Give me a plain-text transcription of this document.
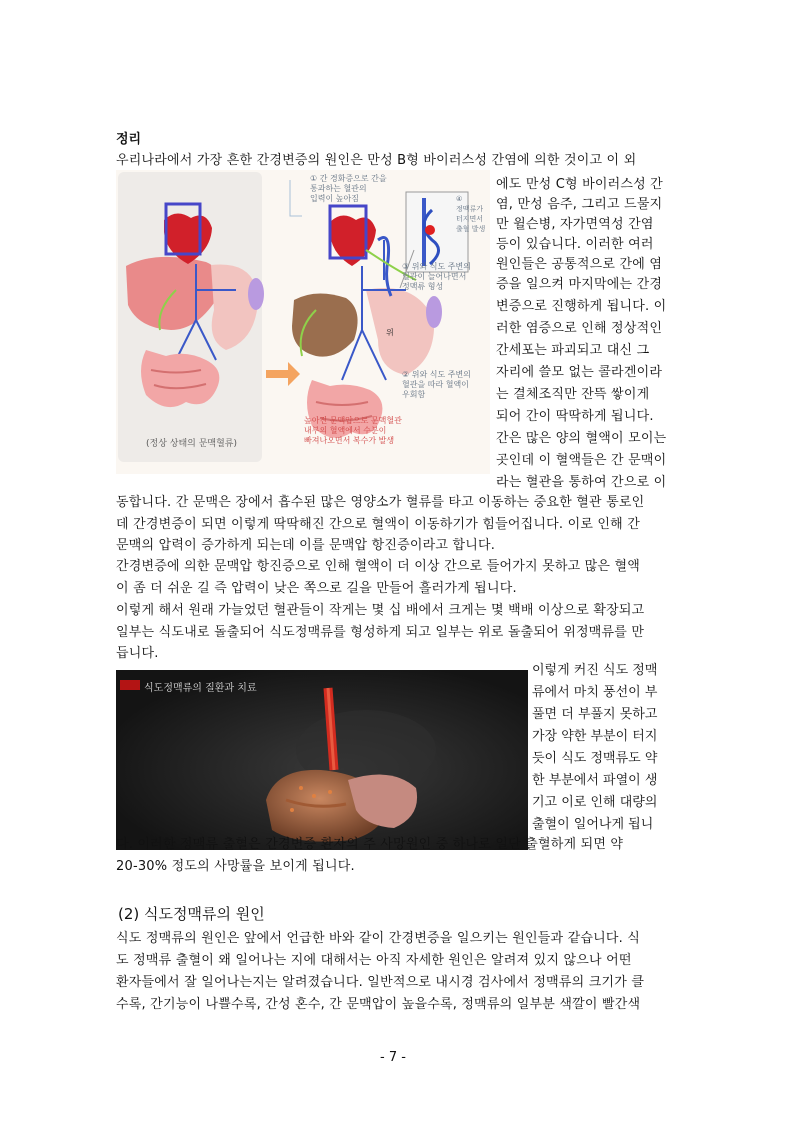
정리
우리나라에서 가장 흔한 간경변증의 원인은 만성 B형 바이러스성 간염에 의한 것이고 이 외
① 간 경화증으로 간을
통과하는 혈관의
입력이 높아짐	④
정맥류가
터지면서
출혈 발생
③ 위와 식도 주변의
혈관이 늘어나면서
정맥류 형성
② 위와 식도 주변의
혈관을 따라 혈액이
우회함
위
높아진 문맥압으로 문맥혈관
내부의 혈액에서 수분이
빠져나오면서 복수가 발생
(정상 상태의 문맥혈류)
에도 만성 C형 바이러스성 간
염, 만성 음주, 그리고 드물지
만 윌슨병, 자가면역성 간염
등이 있습니다. 이러한 여러
원인들은 공통적으로 간에 염
증을 일으켜 마지막에는 간경
변증으로 진행하게 됩니다. 이
러한 염증으로 인해 정상적인
간세포는 파괴되고 대신 그
자리에 쓸모 없는 콜라겐이라
는 결체조직만 잔뜩 쌓이게
되어 간이 딱딱하게 됩니다.
간은 많은 양의 혈액이 모이는
곳인데 이 혈액들은 간 문맥이
라는 혈관을 통하여 간으로 이
동합니다. 간 문맥은 장에서 흡수된 많은 영양소가 혈류를 타고 이동하는 중요한 혈관 통로인
데 간경변증이 되면 이렇게 딱딱해진 간으로 혈액이 이동하기가 힘들어집니다. 이로 인해 간
문맥의 압력이 증가하게 되는데 이를 문맥압 항진증이라고 합니다.
간경변증에 의한 문맥압 항진증으로 인해 혈액이 더 이상 간으로 들어가지 못하고 많은 혈액
이 좀 더 쉬운 길 즉 압력이 낮은 쪽으로 길을 만들어 흘러가게 됩니다.
이렇게 해서 원래 가늘었던 혈관들이 작게는 몇 십 배에서 크게는 몇 백배 이상으로 확장되고
일부는 식도내로 돌출되어 식도정맥류를 형성하게 되고 일부는 위로 돌출되어 위정맥류를 만
듭니다.
식도정맥류의 질환과 치료
이렇게 커진 식도 정맥
류에서 마치 풍선이 부
풀면 더 부풀지 못하고
가장 약한 부분이 터지
듯이 식도 정맥류도 약
한 부분에서 파열이 생
기고 이로 인해 대량의
출혈이 일어나게 됩니
다. 이러한 정맥류 출혈은 간경변증 환자의 주 사망원인 중 하나로 일단 출혈하게 되면 약
20-30% 정도의 사망률을 보이게 됩니다.
(2) 식도정맥류의 원인
식도 정맥류의 원인은 앞에서 언급한 바와 같이 간경변증을 일으키는 원인들과 같습니다. 식
도 정맥류 출혈이 왜 일어나는 지에 대해서는 아직 자세한 원인은 알려져 있지 않으나 어떤
환자들에서 잘 일어나는지는 알려졌습니다. 일반적으로 내시경 검사에서 정맥류의 크기가 클
수록, 간기능이 나쁠수록, 간성 혼수, 간 문맥압이 높을수록, 정맥류의 일부분 색깔이 빨간색
- 7 -
